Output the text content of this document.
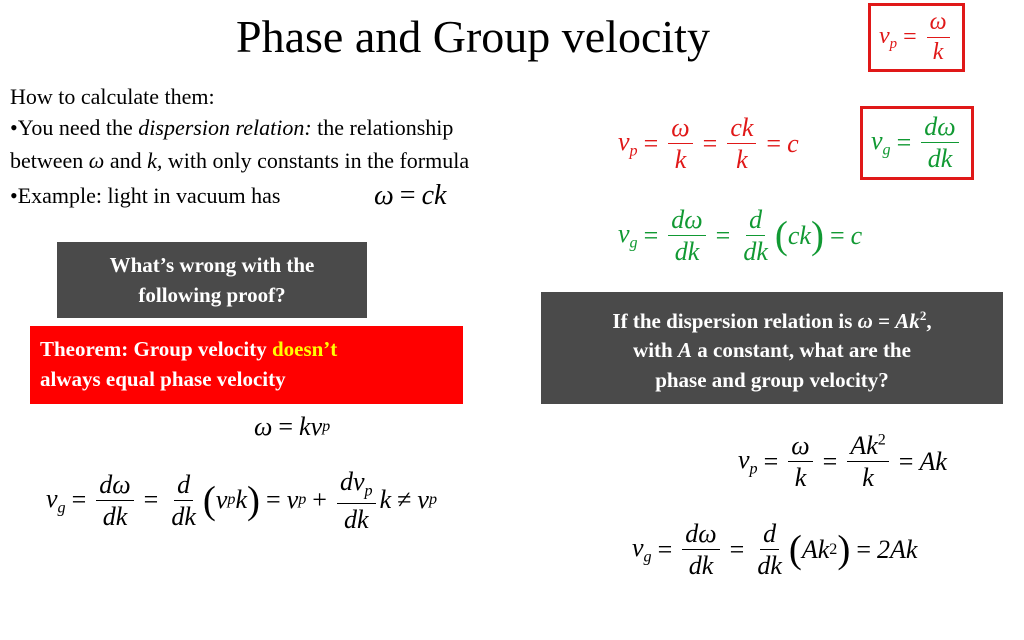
Phase and Group velocity	$v_p = \frac{\omega}{k}$
How to calculate them:
•You need the dispersion relation: the relationship
between ω and k, with only constants in the formula
•Example: light in vacuum has	ω = ck
$v_p = \frac{\omega}{k} = \frac{ck}{k} = c$	$v_g = \frac{d\omega}{dk}$
$v_g = \frac{d\omega}{dk} = \frac{d}{dk}$ ( ck ) = c
What’s wrong with the
following proof?
Theorem: Group velocity doesn’t
always equal phase velocity
If the dispersion relation is $\omega = Ak^2$,
with A a constant, what are the
phase and group velocity?
ω = k v p
$v_g = \frac{d\omega}{dk} = \frac{d}{dk}$ ( v p k ) = v $p + \frac{dv_p}{dk}$ k ≠ v p
$v_p = \frac{\omega}{k} = \frac{Ak^2}{k} = Ak$
$v_g = \frac{d\omega}{dk} = \frac{d}{dk}$ ( Ak 2 ) = 2Ak
